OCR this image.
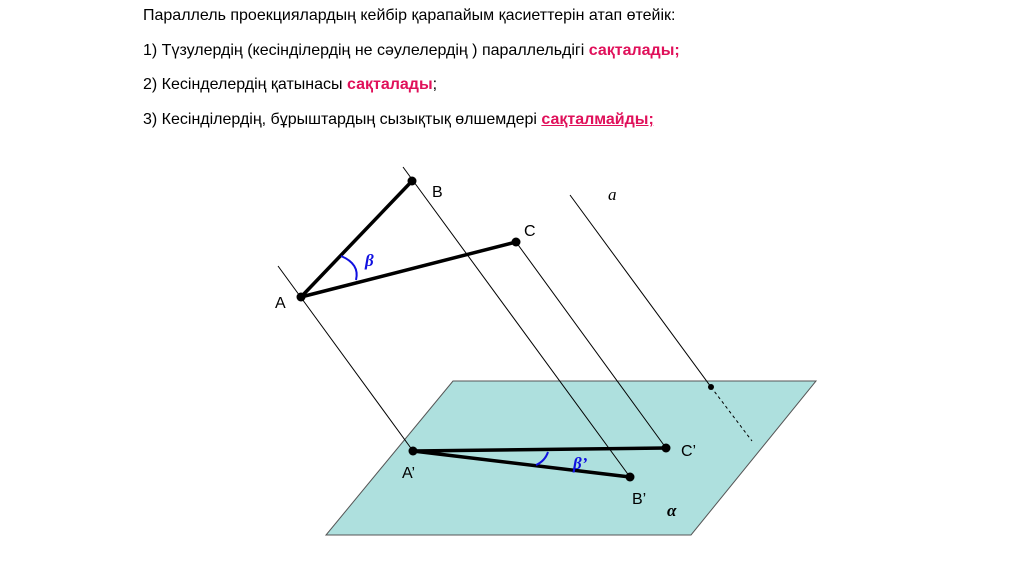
Параллель проекциялардың кейбір қарапайым қасиеттерін атап өтейік:
1) Түзулердің (кесінділердің не сәулелердің ) параллельдігі сақталады;
2) Кесінделердің қатынасы сақталады;
3) Кесінділердің, бұрыштардың сызықтық өлшемдері сақталмайды;
A
B
C
A’
B’
C’
a
β
β’
α
